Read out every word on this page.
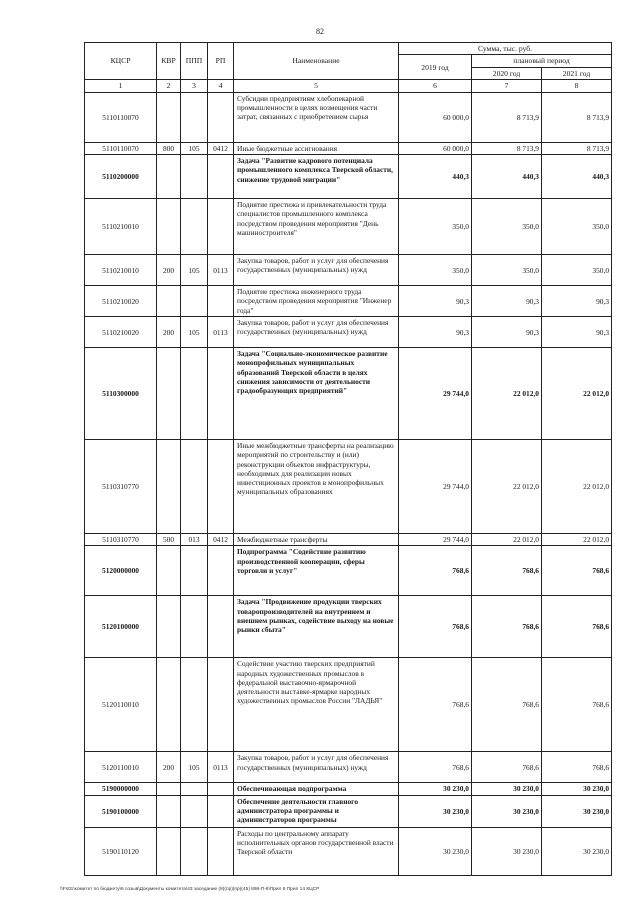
82
КЦСР	КВР	ППП	РП	Наименование	Сумма, тыс. руб.		
					2019 год	плановый период	
						2020 год	2021 год
1	2	3	4	5	6	7	8
5110110070				Субсидии предприятиям хлебопекарной промышленности в целях возмещения части затрат, связанных с приобретением сырья	60 000,0	8 713,9	8 713,9
5110110070	800	105	0412	Иные бюджетные ассигнования	60 000,0	8 713,9	8 713,9
5110200000				Задача "Развитие кадрового потенциала промышленного комплекса Тверской области, снижение трудовой миграции"	440,3	440,3	440,3
5110210010				Поднятие престижа и привлекательности труда специалистов промышленного комплекса посредством проведения мероприятия "День машиностроителя"	350,0	350,0	350,0
5110210010	200	105	0113	Закупка товаров, работ и услуг для обеспечения государственных (муниципальных) нужд	350,0	350,0	350,0
5110210020				Поднятие престижа инженерного труда посредством проведения мероприятия "Инженер года"	90,3	90,3	90,3
5110210020	200	105	0113	Закупка товаров, работ и услуг для обеспечения государственных (муниципальных) нужд	90,3	90,3	90,3
5110300000				Задача "Социально-экономическое развитие монопрофильных муниципальных образований Тверской области в целях снижения зависимости от деятельности градообразующих предприятий"	29 744,0	22 012,0	22 012,0
5110310770				Иные межбюджетные трансферты на реализацию мероприятий по строительству и (или) реконструкции объектов инфраструктуры, необходимых для реализации новых инвестиционных проектов в монопрофильных муниципальных образованиях	29 744,0	22 012,0	22 012,0
5110310770	500	013	0412	Межбюджетные трансферты	29 744,0	22 012,0	22 012,0
5120000000				Подпрограмма "Содействие развитию производственной кооперации, сферы торговли и услуг"	768,6	768,6	768,6
5120100000				Задача "Продвижение продукции тверских товаропроизводителей на внутреннем и внешнем рынках, содействие выходу на новые рынки сбыта"	768,6	768,6	768,6
5120110010				Содействие участию тверских предприятий народных художественных промыслов в федеральной выставочно-ярмарочной деятельности выставке-ярмарке народных художественных промыслов России "ЛАДЬЯ"	768,6	768,6	768,6
5120110010	200	105	0113	Закупка товаров, работ и услуг для обеспечения государственных (муниципальных) нужд	768,6	768,6	768,6
5190000000				Обеспечивающая подпрограмма	30 230,0	30 230,0	30 230,0
5190100000				Обеспечение деятельности главного администратора программы и администраторов программы	30 230,0	30 230,0	30 230,0
5190110120				Расходы по центральному аппарату исполнительных органов государственной власти Тверской области	30 230,0	30 230,0	30 230,0
\\Fs01\комитет по бюджету\6 созыв\Документы комитета\43 заседание (8)(пр)(пр)(45) 898-П-6\Прил 8 Прил 14 КЦСР
